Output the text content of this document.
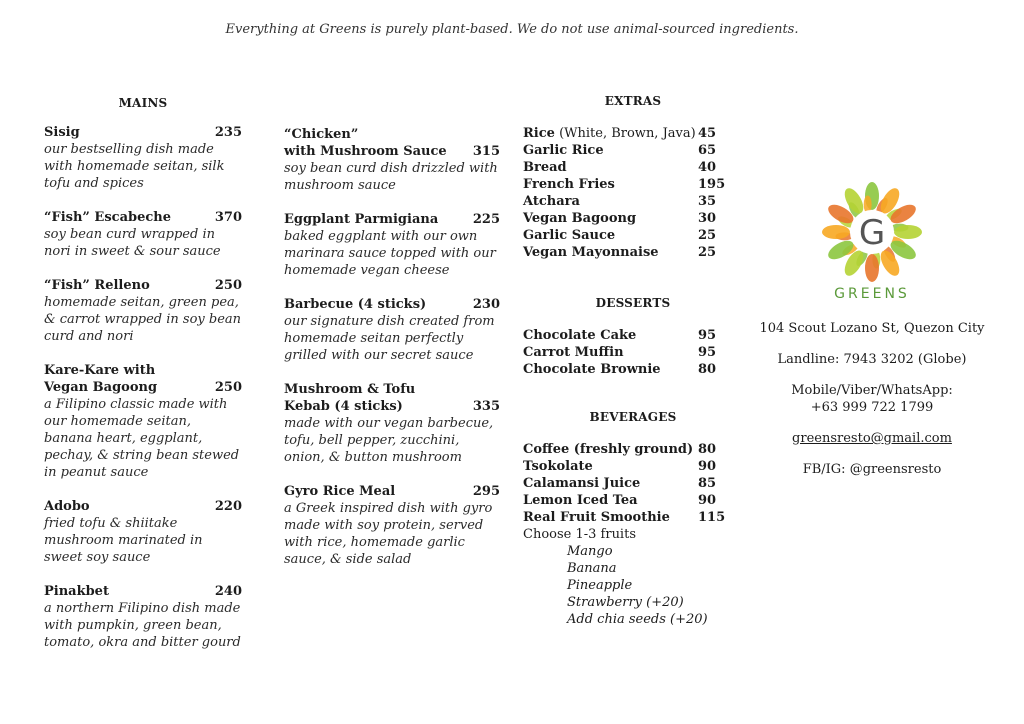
Everything at Greens is purely plant-based. We do not use animal-sourced ingredients.
MAINS
Sisig	235
our bestselling dish made with homemade seitan, silk tofu and spices
“Fish” Escabeche	370
soy bean curd wrapped in nori in sweet & sour sauce
“Fish” Relleno	250
homemade seitan, green pea, & carrot wrapped in soy bean curd and nori
Kare-Kare with
Vegan Bagoong	250
a Filipino classic made with our homemade seitan, banana heart, eggplant, pechay, & string bean stewed in peanut sauce
Adobo	220
fried tofu & shiitake mushroom marinated in sweet soy sauce
Pinakbet	240
a northern Filipino dish made with pumpkin, green bean, tomato, okra and bitter gourd
“Chicken”
with Mushroom Sauce 315
soy bean curd dish drizzled with mushroom sauce
Eggplant Parmigiana	225
baked eggplant with our own marinara sauce topped with our homemade vegan cheese
Barbecue (4 sticks)	230
our signature dish created from homemade seitan perfectly grilled with our secret sauce
Mushroom & Tofu
Kebab (4 sticks)	335
made with our vegan barbecue, tofu, bell pepper, zucchini, onion, & button mushroom
Gyro Rice Meal	295
a Greek inspired dish with gyro made with soy protein, served with rice, homemade garlic sauce, & side salad
EXTRAS
Rice (White, Brown, Java) 45
Garlic Rice	65
Bread	40
French Fries	195
Atchara	35
Vegan Bagoong	30
Garlic Sauce	25
Vegan Mayonnaise	25
DESSERTS
Chocolate Cake	95
Carrot Muffin	95
Chocolate Brownie	80
BEVERAGES
Coffee (freshly ground) 80
Tsokolate	90
Calamansi Juice	85
Lemon Iced Tea	90
Real Fruit Smoothie	115
Choose 1-3 fruits
Mango
Banana
Pineapple
Strawberry (+20)
Add chia seeds (+20)
G
GREENS

104 Scout Lozano St, Quezon City

Landline: 7943 3202 (Globe)

Mobile/Viber/WhatsApp:
+63 999 722 1799

greensresto@gmail.com

FB/IG: @greensresto
